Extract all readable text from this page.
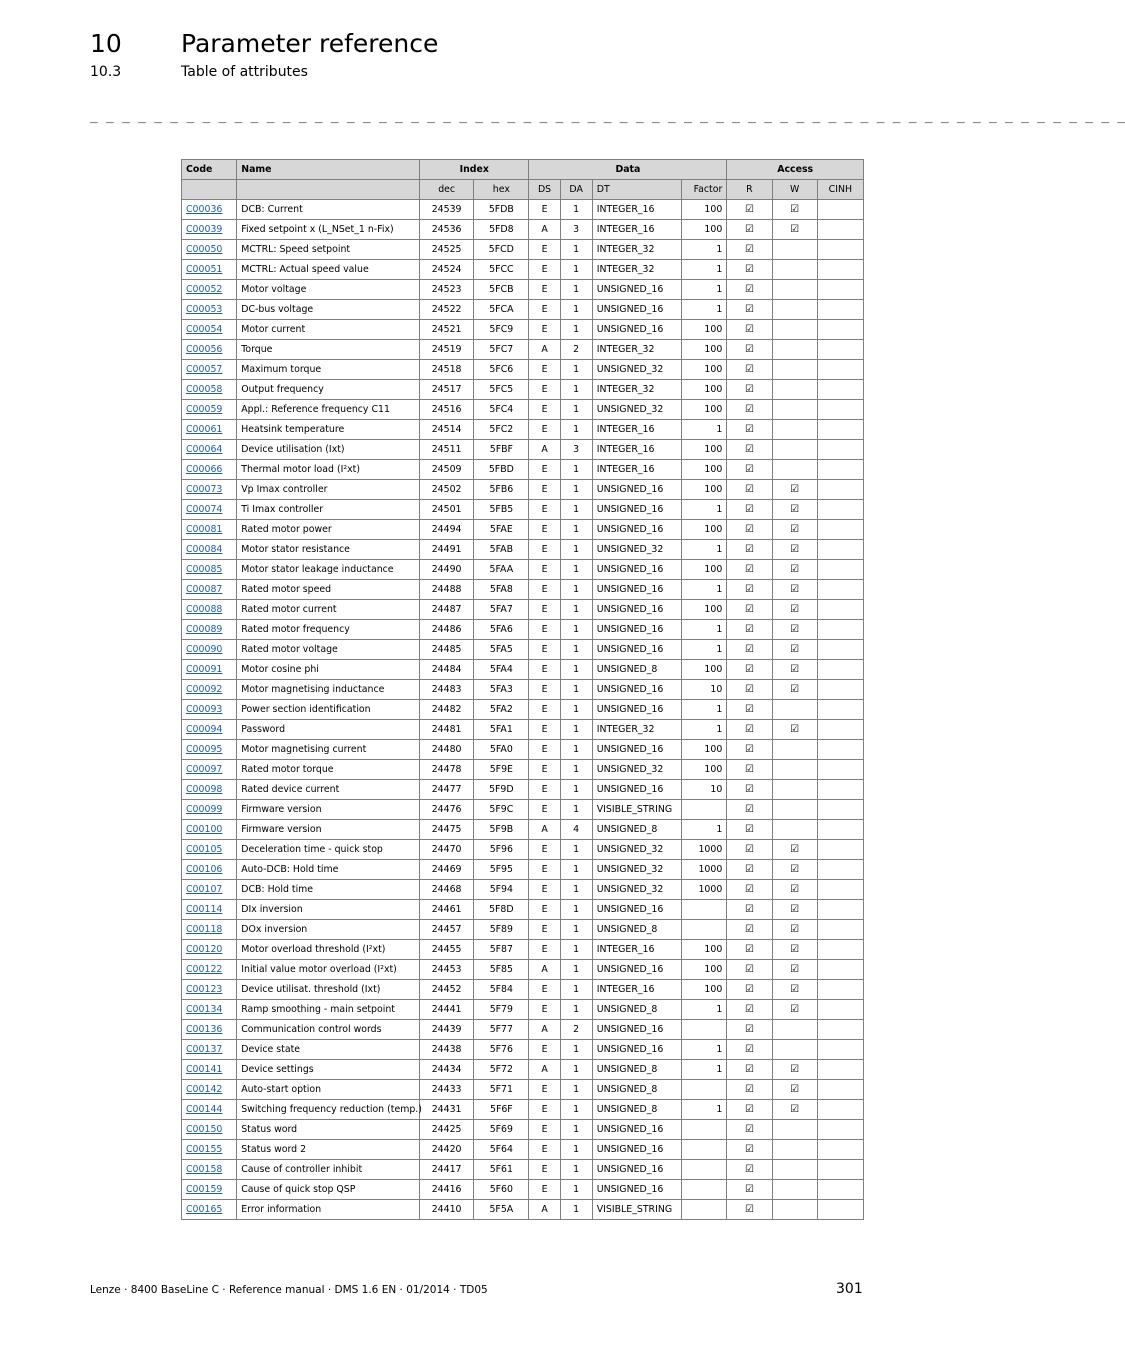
10 Parameter reference
10.3	Table of attributes
_ _ _ _ _ _ _ _ _ _ _ _ _ _ _ _ _ _ _ _ _ _ _ _ _ _ _ _ _ _ _ _ _ _ _ _ _ _ _ _ _ _ _ _ _ _ _ _ _ _ _ _ _ _ _ _ _ _ _ _ _ _ _ _ _
Code	Name	Index		Data				Access		
		dec	hex	DS	DA	DT	Factor	R	W	CINH
C00036	DCB: Current	24539	5FDB	E	1	INTEGER_16	100	☑	☑	
C00039	Fixed setpoint x (L_NSet_1 n-Fix)	24536	5FD8	A	3	INTEGER_16	100	☑	☑	
C00050	MCTRL: Speed setpoint	24525	5FCD	E	1	INTEGER_32	1	☑		
C00051	MCTRL: Actual speed value	24524	5FCC	E	1	INTEGER_32	1	☑		
C00052	Motor voltage	24523	5FCB	E	1	UNSIGNED_16	1	☑		
C00053	DC-bus voltage	24522	5FCA	E	1	UNSIGNED_16	1	☑		
C00054	Motor current	24521	5FC9	E	1	UNSIGNED_16	100	☑		
C00056	Torque	24519	5FC7	A	2	INTEGER_32	100	☑		
C00057	Maximum torque	24518	5FC6	E	1	UNSIGNED_32	100	☑		
C00058	Output frequency	24517	5FC5	E	1	INTEGER_32	100	☑		
C00059	Appl.: Reference frequency C11	24516	5FC4	E	1	UNSIGNED_32	100	☑		
C00061	Heatsink temperature	24514	5FC2	E	1	INTEGER_16	1	☑		
C00064	Device utilisation (Ixt)	24511	5FBF	A	3	INTEGER_16	100	☑		
C00066	Thermal motor load (I²xt)	24509	5FBD	E	1	INTEGER_16	100	☑		
C00073	Vp Imax controller	24502	5FB6	E	1	UNSIGNED_16	100	☑	☑	
C00074	Ti Imax controller	24501	5FB5	E	1	UNSIGNED_16	1	☑	☑	
C00081	Rated motor power	24494	5FAE	E	1	UNSIGNED_16	100	☑	☑	
C00084	Motor stator resistance	24491	5FAB	E	1	UNSIGNED_32	1	☑	☑	
C00085	Motor stator leakage inductance	24490	5FAA	E	1	UNSIGNED_16	100	☑	☑	
C00087	Rated motor speed	24488	5FA8	E	1	UNSIGNED_16	1	☑	☑	
C00088	Rated motor current	24487	5FA7	E	1	UNSIGNED_16	100	☑	☑	
C00089	Rated motor frequency	24486	5FA6	E	1	UNSIGNED_16	1	☑	☑	
C00090	Rated motor voltage	24485	5FA5	E	1	UNSIGNED_16	1	☑	☑	
C00091	Motor cosine phi	24484	5FA4	E	1	UNSIGNED_8	100	☑	☑	
C00092	Motor magnetising inductance	24483	5FA3	E	1	UNSIGNED_16	10	☑	☑	
C00093	Power section identification	24482	5FA2	E	1	UNSIGNED_16	1	☑		
C00094	Password	24481	5FA1	E	1	INTEGER_32	1	☑	☑	
C00095	Motor magnetising current	24480	5FA0	E	1	UNSIGNED_16	100	☑		
C00097	Rated motor torque	24478	5F9E	E	1	UNSIGNED_32	100	☑		
C00098	Rated device current	24477	5F9D	E	1	UNSIGNED_16	10	☑		
C00099	Firmware version	24476	5F9C	E	1	VISIBLE_STRING		☑		
C00100	Firmware version	24475	5F9B	A	4	UNSIGNED_8	1	☑		
C00105	Deceleration time - quick stop	24470	5F96	E	1	UNSIGNED_32	1000	☑	☑	
C00106	Auto-DCB: Hold time	24469	5F95	E	1	UNSIGNED_32	1000	☑	☑	
C00107	DCB: Hold time	24468	5F94	E	1	UNSIGNED_32	1000	☑	☑	
C00114	DIx inversion	24461	5F8D	E	1	UNSIGNED_16		☑	☑	
C00118	DOx inversion	24457	5F89	E	1	UNSIGNED_8		☑	☑	
C00120	Motor overload threshold (I²xt)	24455	5F87	E	1	INTEGER_16	100	☑	☑	
C00122	Initial value motor overload (I²xt)	24453	5F85	A	1	UNSIGNED_16	100	☑	☑	
C00123	Device utilisat. threshold (Ixt)	24452	5F84	E	1	INTEGER_16	100	☑	☑	
C00134	Ramp smoothing - main setpoint	24441	5F79	E	1	UNSIGNED_8	1	☑	☑	
C00136	Communication control words	24439	5F77	A	2	UNSIGNED_16		☑		
C00137	Device state	24438	5F76	E	1	UNSIGNED_16	1	☑		
C00141	Device settings	24434	5F72	A	1	UNSIGNED_8	1	☑	☑	
C00142	Auto-start option	24433	5F71	E	1	UNSIGNED_8		☑	☑	
C00144	Switching frequency reduction (temp.)	24431	5F6F	E	1	UNSIGNED_8	1	☑	☑	
C00150	Status word	24425	5F69	E	1	UNSIGNED_16		☑		
C00155	Status word 2	24420	5F64	E	1	UNSIGNED_16		☑		
C00158	Cause of controller inhibit	24417	5F61	E	1	UNSIGNED_16		☑		
C00159	Cause of quick stop QSP	24416	5F60	E	1	UNSIGNED_16		☑		
C00165	Error information	24410	5F5A	A	1	VISIBLE_STRING		☑		
Lenze · 8400 BaseLine C · Reference manual · DMS 1.6 EN · 01/2014 · TD05	301
